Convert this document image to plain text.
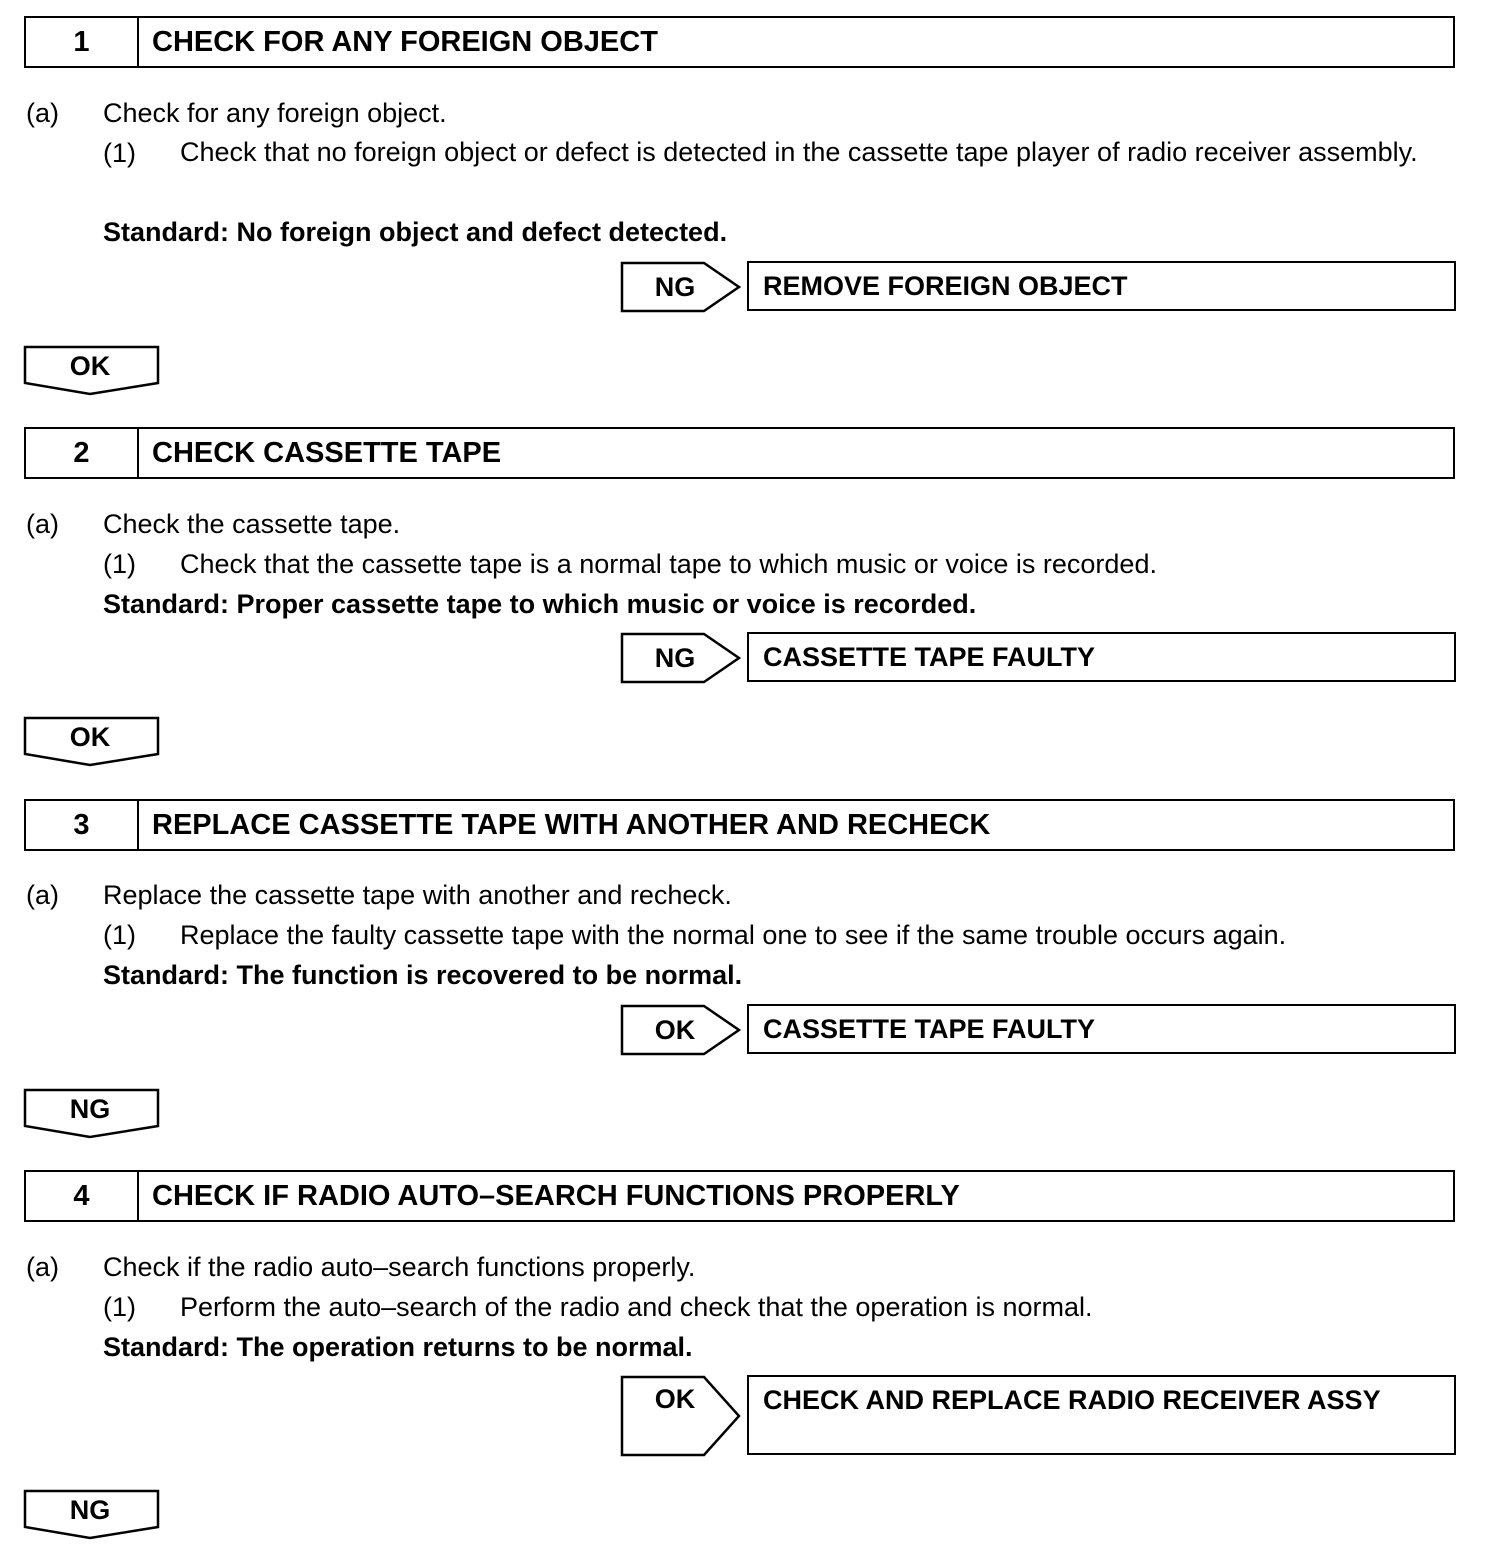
1	CHECK FOR ANY FOREIGN OBJECT
(a) Check for any foreign object.
(1) Check that no foreign object or defect is detected in the cassette tape player of radio receiver assembly.
Standard: No foreign object and defect detected.
NG	REMOVE FOREIGN OBJECT
OK
2	CHECK CASSETTE TAPE
(a) Check the cassette tape.
(1) Check that the cassette tape is a normal tape to which music or voice is recorded.
Standard: Proper cassette tape to which music or voice is recorded.
NG	CASSETTE TAPE FAULTY
OK
3	REPLACE CASSETTE TAPE WITH ANOTHER AND RECHECK
(a) Replace the cassette tape with another and recheck.
(1) Replace the faulty cassette tape with the normal one to see if the same trouble occurs again.
Standard: The function is recovered to be normal.
OK	CASSETTE TAPE FAULTY
NG
4	CHECK IF RADIO AUTO–SEARCH FUNCTIONS PROPERLY
(a) Check if the radio auto–search functions properly.
(1) Perform the auto–search of the radio and check that the operation is normal.
Standard: The operation returns to be normal.
OK	CHECK AND REPLACE RADIO RECEIVER ASSY
NG
